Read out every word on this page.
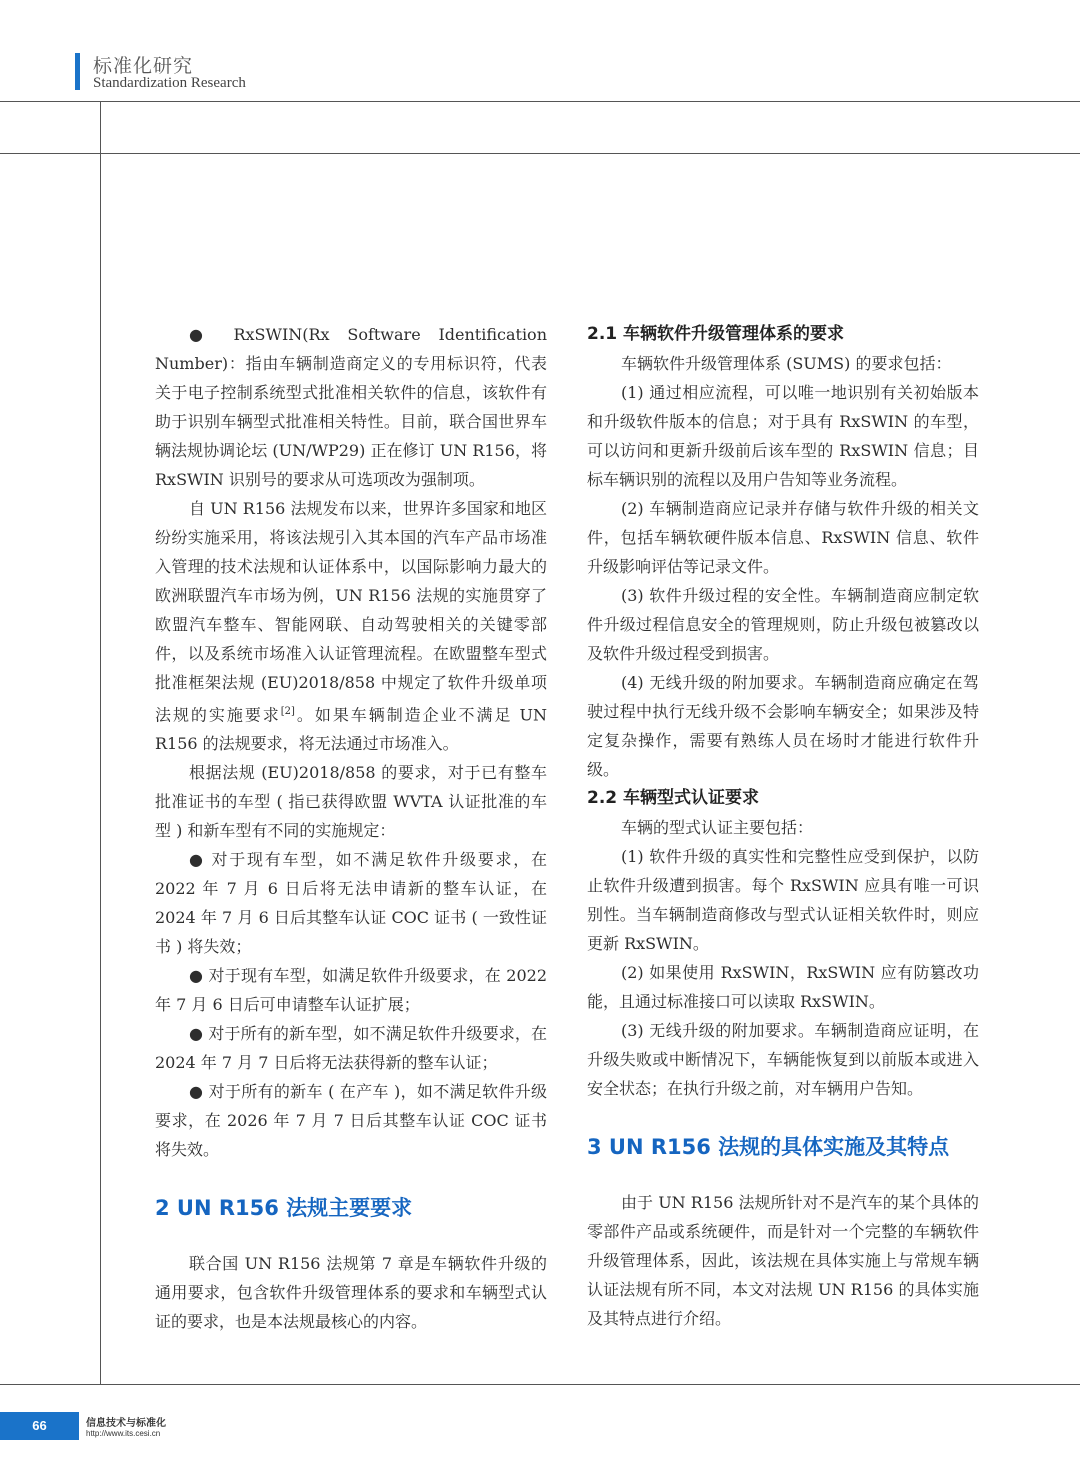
标准化研究
Standardization Research

● RxSWIN(Rx Software Identification Number)：指由车辆制造商定义的专用标识符，代表关于电子控制系统型式批准相关软件的信息，该软件有助于识别车辆型式批准相关特性。目前，联合国世界车辆法规协调论坛 (UN/WP29) 正在修订 UN R156，将 RxSWIN 识别号的要求从可选项改为强制项。

自 UN R156 法规发布以来，世界许多国家和地区纷纷实施采用，将该法规引入其本国的汽车产品市场准入管理的技术法规和认证体系中，以国际影响力最大的欧洲联盟汽车市场为例，UN R156 法规的实施贯穿了欧盟汽车整车、智能网联、自动驾驶相关的关键零部件，以及系统市场准入认证管理流程。在欧盟整车型式批准框架法规 (EU)2018/858 中规定了软件升级单项法规的实施要求[2]。如果车辆制造企业不满足 UN R156 的法规要求，将无法通过市场准入。

根据法规 (EU)2018/858 的要求，对于已有整车批准证书的车型 ( 指已获得欧盟 WVTA 认证批准的车型 ) 和新车型有不同的实施规定：

● 对于现有车型，如不满足软件升级要求，在 2022 年 7 月 6 日后将无法申请新的整车认证，在 2024 年 7 月 6 日后其整车认证 COC 证书 ( 一致性证书 ) 将失效；

● 对于现有车型，如满足软件升级要求，在 2022 年 7 月 6 日后可申请整车认证扩展；

● 对于所有的新车型，如不满足软件升级要求，在 2024 年 7 月 7 日后将无法获得新的整车认证；

● 对于所有的新车 ( 在产车 )，如不满足软件升级要求，在 2026 年 7 月 7 日后其整车认证 COC 证书将失效。

2 UN R156 法规主要要求

联合国 UN R156 法规第 7 章是车辆软件升级的通用要求，包含软件升级管理体系的要求和车辆型式认证的要求，也是本法规最核心的内容。

2.1 车辆软件升级管理体系的要求

车辆软件升级管理体系 (SUMS) 的要求包括：

(1) 通过相应流程，可以唯一地识别有关初始版本和升级软件版本的信息；对于具有 RxSWIN 的车型，可以访问和更新升级前后该车型的 RxSWIN 信息；目标车辆识别的流程以及用户告知等业务流程。

(2) 车辆制造商应记录并存储与软件升级的相关文件，包括车辆软硬件版本信息、RxSWIN 信息、软件升级影响评估等记录文件。

(3) 软件升级过程的安全性。车辆制造商应制定软件升级过程信息安全的管理规则，防止升级包被篡改以及软件升级过程受到损害。

(4) 无线升级的附加要求。车辆制造商应确定在驾驶过程中执行无线升级不会影响车辆安全；如果涉及特定复杂操作，需要有熟练人员在场时才能进行软件升级。

2.2 车辆型式认证要求

车辆的型式认证主要包括：

(1) 软件升级的真实性和完整性应受到保护，以防止软件升级遭到损害。每个 RxSWIN 应具有唯一可识别性。当车辆制造商修改与型式认证相关软件时，则应更新 RxSWIN。

(2) 如果使用 RxSWIN，RxSWIN 应有防篡改功能，且通过标准接口可以读取 RxSWIN。

(3) 无线升级的附加要求。车辆制造商应证明，在升级失败或中断情况下，车辆能恢复到以前版本或进入安全状态；在执行升级之前，对车辆用户告知。

3 UN R156 法规的具体实施及其特点

由于 UN R156 法规所针对不是汽车的某个具体的零部件产品或系统硬件，而是针对一个完整的车辆软件升级管理体系，因此，该法规在具体实施上与常规车辆认证法规有所不同，本文对法规 UN R156 的具体实施及其特点进行介绍。

66	信息技术与标准化
http://www.its.cesi.cn
